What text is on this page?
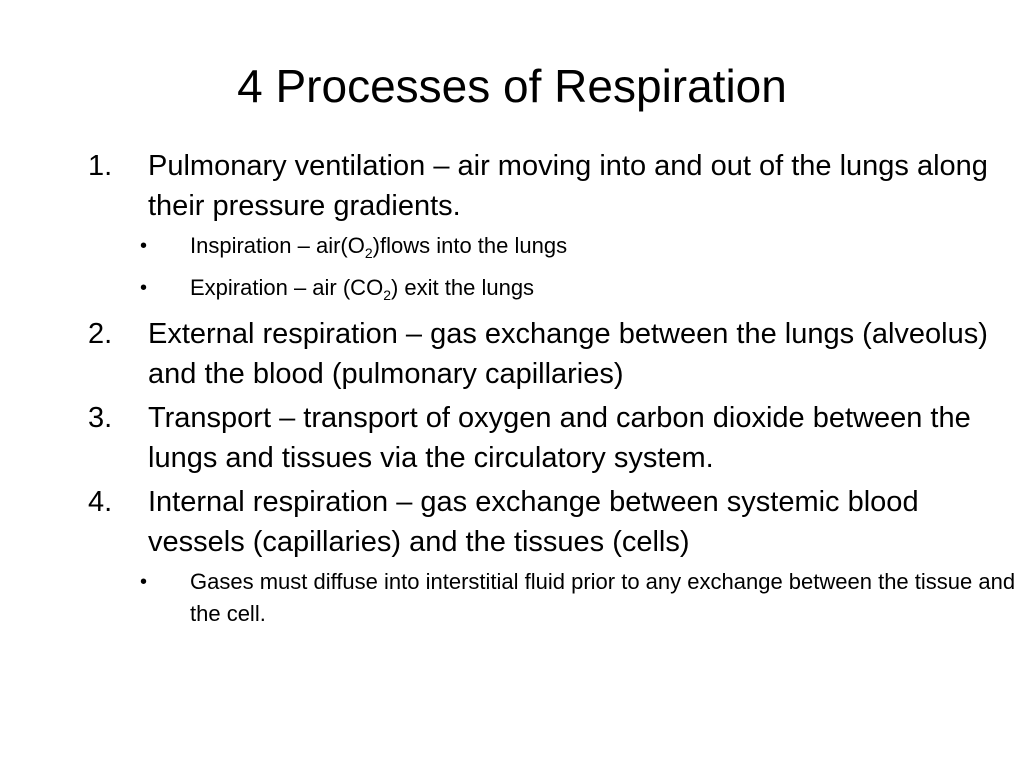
4 Processes of Respiration
1. Pulmonary ventilation – air moving into and out of the lungs along their pressure gradients.
• Inspiration – $air(O_2)flows$ into the lungs
• Expiration – air $(CO_2)$ exit the lungs
2. External respiration – gas exchange between the lungs (alveolus) and the blood (pulmonary capillaries)
3. Transport – transport of oxygen and carbon dioxide between the lungs and tissues via the circulatory system.
4. Internal respiration – gas exchange between systemic blood vessels (capillaries) and the tissues (cells)
• Gases must diffuse into interstitial fluid prior to any exchange between the tissue and the cell.
